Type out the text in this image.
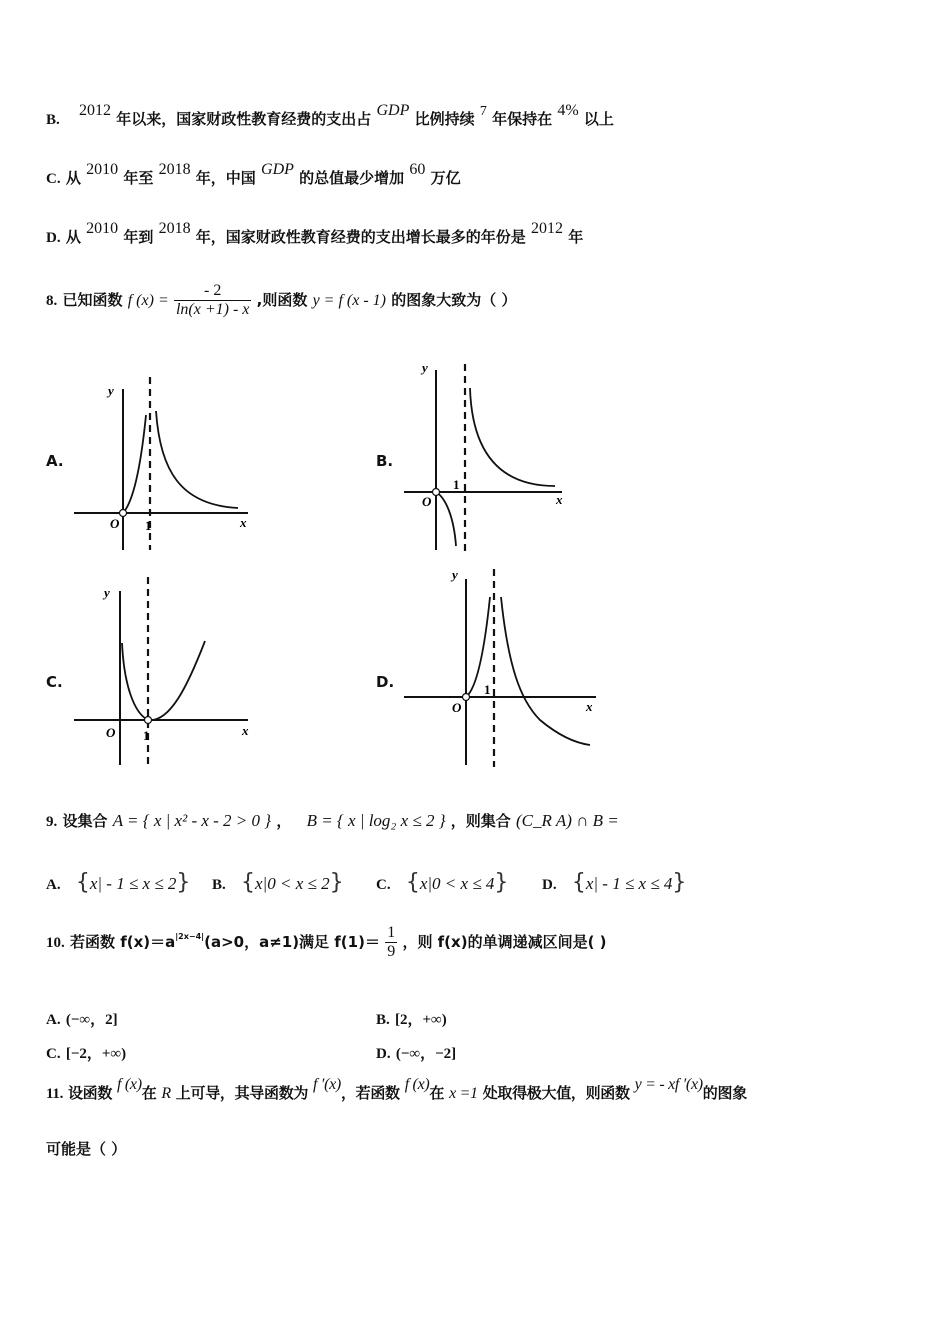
B. 2012 年以来，国家财政性教育经费的支出占 GDP 比例持续 7 年保持在 4% 以上
C. 从 2010 年至 2018 年，中国 GDP 的总值最少增加 60 万亿
D. 从 2010 年到 2018 年，国家财政性教育经费的支出增长最多的年份是 2012 年
8. 已知函数 f $(x) = \frac{- 2}{\ln(x +1) - x}$ ,则函数 y = f (x - 1) 的图象大致为（ ）
A.	B.
C.	D.
y
x
O 1
y
x
O
1
y
x
O 1
y
x
O
1
9. 设集合 A = { x | x² - x - 2 > 0 } ， B = { x | log₂ x ≤ 2 } ，则集合 (C_R A) ∩ B =
A. {x| - 1 ≤ x ≤ 2} B. {x|0 < x ≤ 2} C. {x|0 < x ≤ 4} D. {x| - 1 ≤ x ≤ 4}
10. 若函数 $f(x)=a^{|2x-4|}(a>0$，a≠1)满足 $f(1)= \frac{1}{9}$ ，则 f(x)的单调递减区间是( )
A. (−∞，2]	B. [2，+∞)
C. [−2，+∞)	D. (−∞，−2]
11. 设函数 f (x)在 R 上可导，其导函数为 f ′(x)，若函数 f (x)在 x =1 处取得极大值，则函数 y = - xf ′(x)的图象
可能是（ ）
